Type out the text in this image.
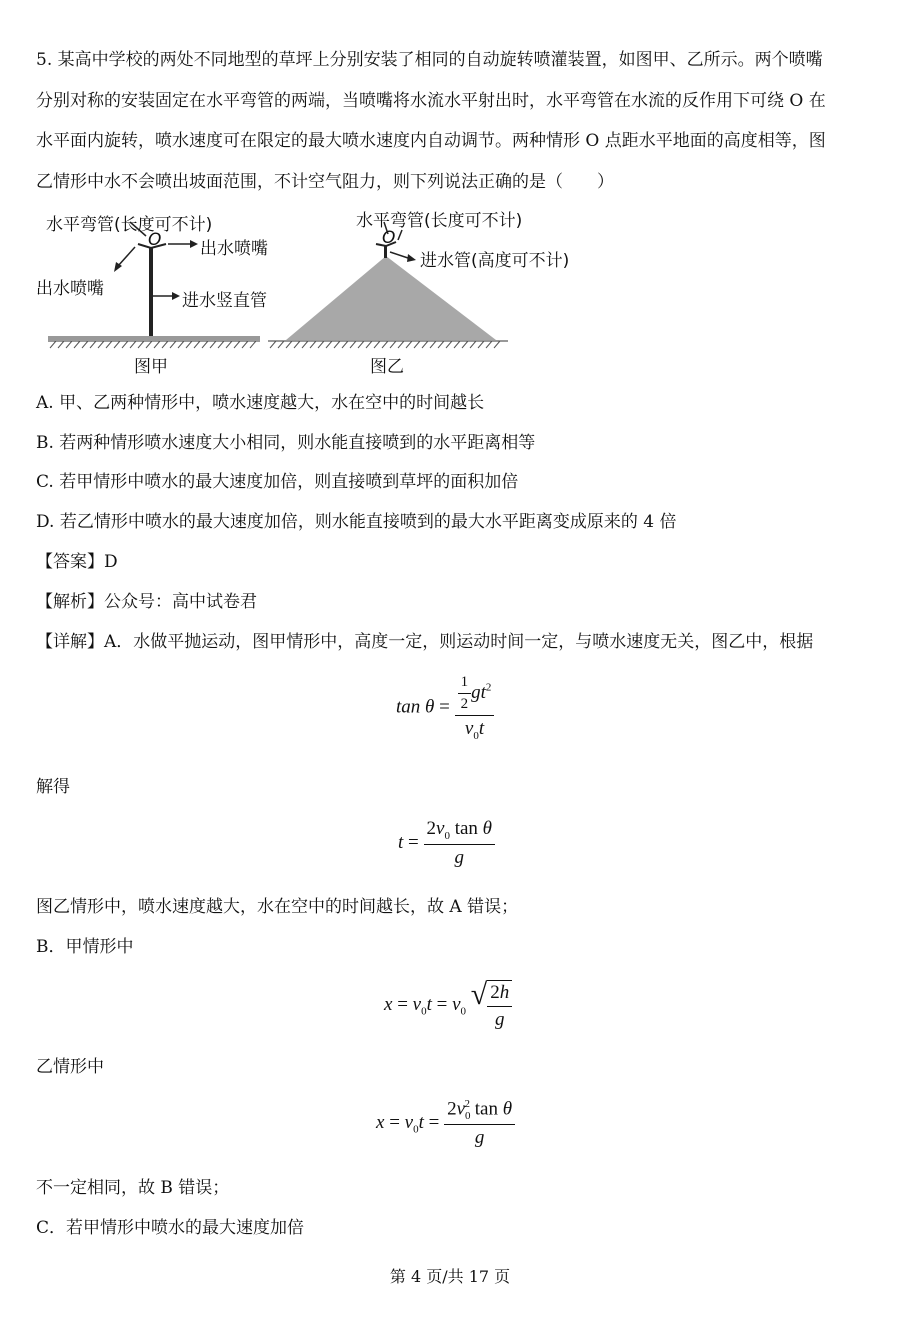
5. 某高中学校的两处不同地型的草坪上分别安装了相同的自动旋转喷灌装置，如图甲、乙所示。两个喷嘴
分别对称的安装固定在水平弯管的两端，当喷嘴将水流水平射出时，水平弯管在水流的反作用下可绕 O 在
水平面内旋转，喷水速度可在限定的最大喷水速度内自动调节。两种情形 O 点距水平地面的高度相等，图
乙情形中水不会喷出坡面范围，不计空气阻力，则下列说法正确的是（　　）
水平弯管(长度可不计)
O 出水喷嘴
出水喷嘴
进水竖直管
图甲
水平弯管(长度可不计)
O
进水管(高度可不计)
图乙
A. 甲、乙两种情形中，喷水速度越大，水在空中的时间越长
B. 若两种情形喷水速度大小相同，则水能直接喷到的水平距离相等
C. 若甲情形中喷水的最大速度加倍，则直接喷到草坪的面积加倍
D. 若乙情形中喷水的最大速度加倍，则水能直接喷到的最大水平距离变成原来的 4 倍
【答案】D
【解析】公众号：高中试卷君
【详解】A．水做平抛运动，图甲情形中，高度一定，则运动时间一定，与喷水速度无关，图乙中，根据
$\tan \theta = \frac{\frac{1}{2} gt^2}{v_0t}$
解得
$t = \frac{2v_0 \tan \theta}{g}$
图乙情形中，喷水速度越大，水在空中的时间越长，故 A 错误；
B．甲情形中
$x = v_0t = v_0$
√ $\frac{2h}{g}$
乙情形中
$x = v_0t = \frac{2v_0^2 \tan \theta}{g}$
不一定相同，故 B 错误；
C．若甲情形中喷水的最大速度加倍
第 4 页/共 17 页
